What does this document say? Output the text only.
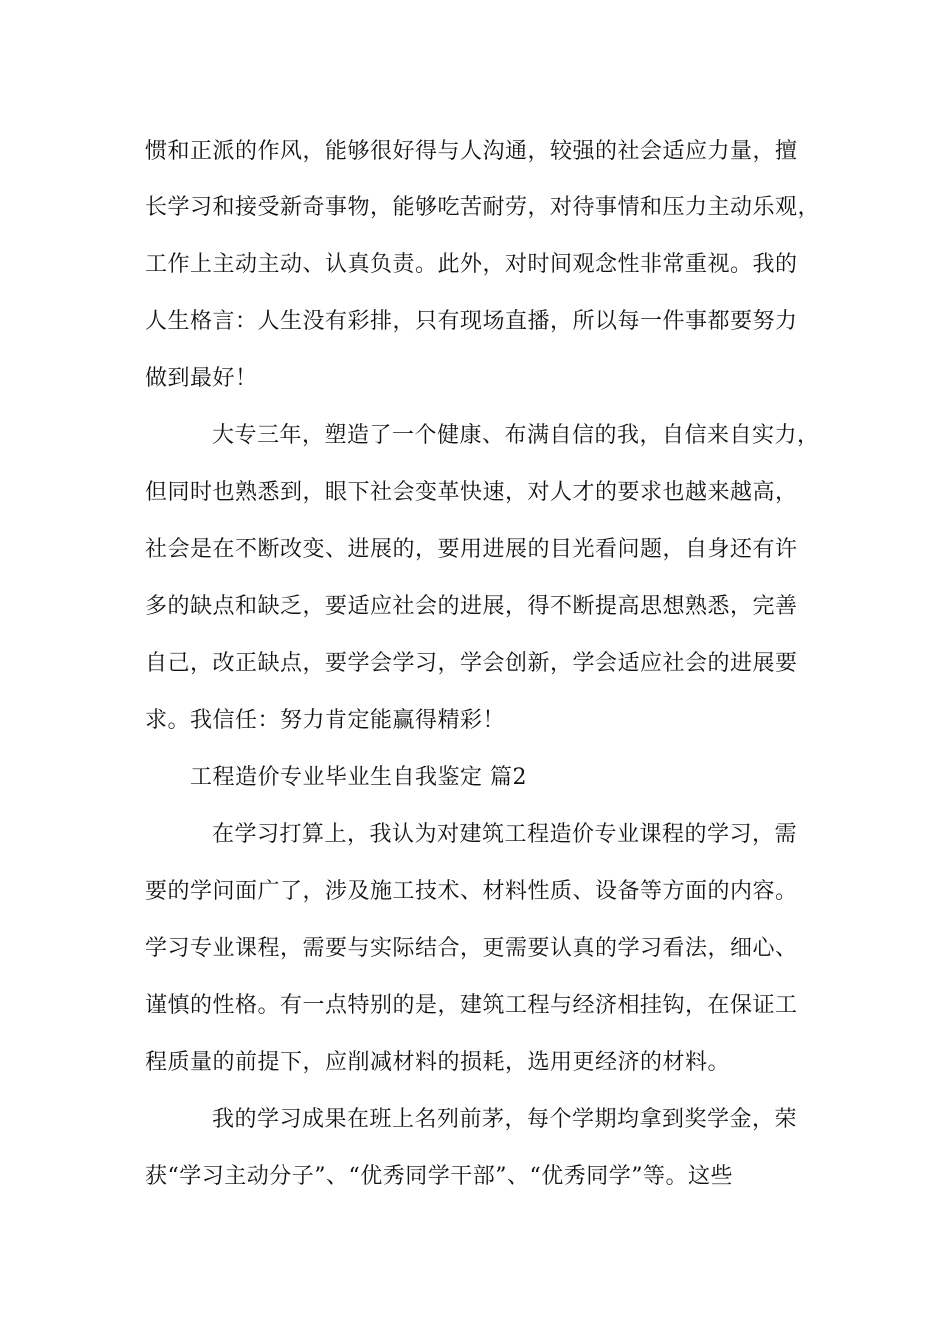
惯和正派的作风，能够很好得与人沟通，较强的社会适应力量，擅
长学习和接受新奇事物，能够吃苦耐劳，对待事情和压力主动乐观，
工作上主动主动、认真负责。此外，对时间观念性非常重视。我的
人生格言：人生没有彩排，只有现场直播，所以每一件事都要努力
做到最好！
大专三年，塑造了一个健康、布满自信的我，自信来自实力，
但同时也熟悉到，眼下社会变革快速，对人才的要求也越来越高，
社会是在不断改变、进展的，要用进展的目光看问题，自身还有许
多的缺点和缺乏，要适应社会的进展，得不断提高思想熟悉，完善
自己，改正缺点，要学会学习，学会创新，学会适应社会的进展要
求。我信任：努力肯定能赢得精彩！
工程造价专业毕业生自我鉴定 篇2
在学习打算上，我认为对建筑工程造价专业课程的学习，需
要的学问面广了，涉及施工技术、材料性质、设备等方面的内容。
学习专业课程，需要与实际结合，更需要认真的学习看法，细心、
谨慎的性格。有一点特别的是，建筑工程与经济相挂钩，在保证工
程质量的前提下，应削减材料的损耗，选用更经济的材料。
我的学习成果在班上名列前茅，每个学期均拿到奖学金，荣
获“学习主动分子”、“优秀同学干部”、“优秀同学”等。这些
